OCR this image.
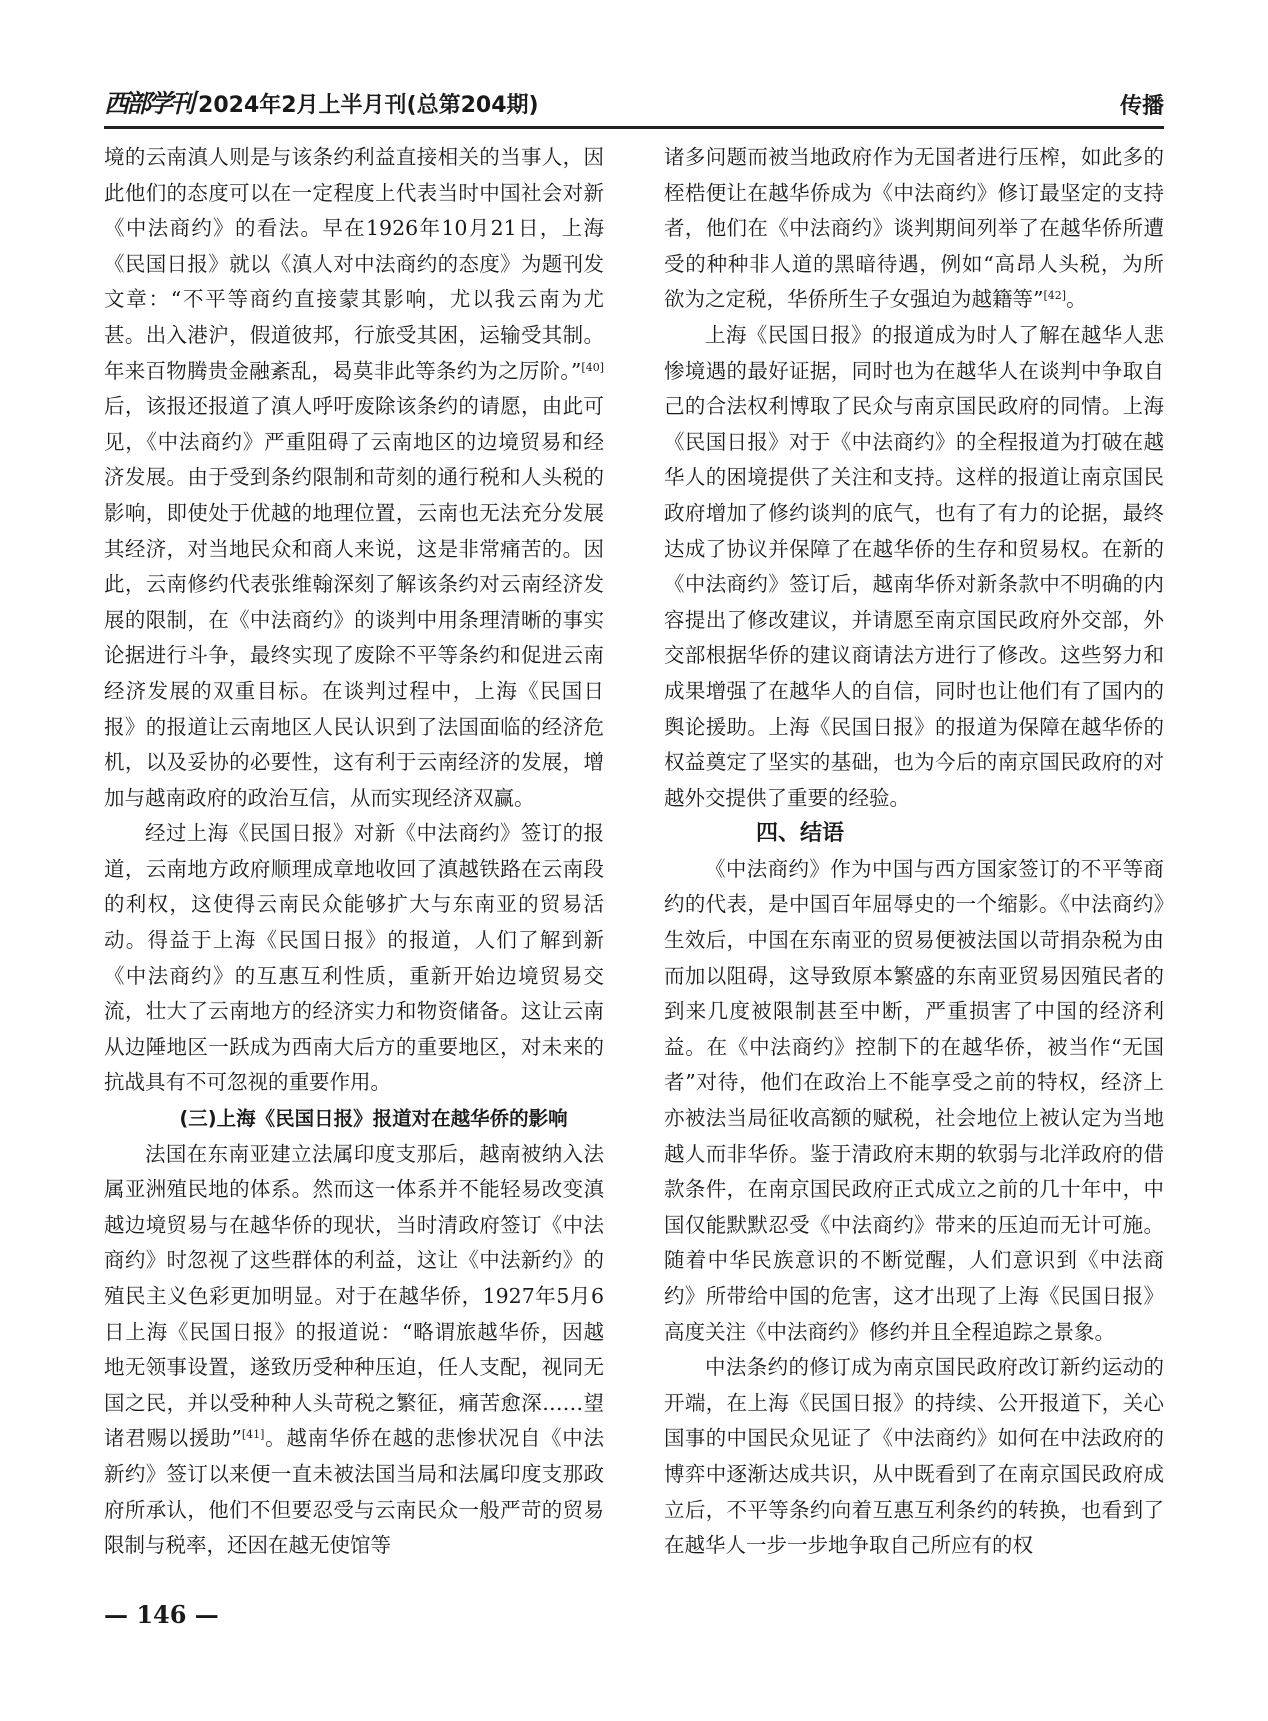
西部学刊 2024年2月上半月刊(总第204期)	传播

境的云南滇人则是与该条约利益直接相关的当事人，因此他们的态度可以在一定程度上代表当时中国社会对新《中法商约》的看法。早在1926年10月21日，上海《民国日报》就以《滇人对中法商约的态度》为题刊发文章：“不平等商约直接蒙其影响，尤以我云南为尤甚。出入港沪，假道彼邦，行旅受其困，运输受其制。年来百物腾贵金融紊乱，曷莫非此等条约为之厉阶。”[40]后，该报还报道了滇人呼吁废除该条约的请愿，由此可见，《中法商约》严重阻碍了云南地区的边境贸易和经济发展。由于受到条约限制和苛刻的通行税和人头税的影响，即使处于优越的地理位置，云南也无法充分发展其经济，对当地民众和商人来说，这是非常痛苦的。因此，云南修约代表张维翰深刻了解该条约对云南经济发展的限制，在《中法商约》的谈判中用条理清晰的事实论据进行斗争，最终实现了废除不平等条约和促进云南经济发展的双重目标。在谈判过程中，上海《民国日报》的报道让云南地区人民认识到了法国面临的经济危机，以及妥协的必要性，这有利于云南经济的发展，增加与越南政府的政治互信，从而实现经济双赢。

经过上海《民国日报》对新《中法商约》签订的报道，云南地方政府顺理成章地收回了滇越铁路在云南段的利权，这使得云南民众能够扩大与东南亚的贸易活动。得益于上海《民国日报》的报道，人们了解到新《中法商约》的互惠互利性质，重新开始边境贸易交流，壮大了云南地方的经济实力和物资储备。这让云南从边陲地区一跃成为西南大后方的重要地区，对未来的抗战具有不可忽视的重要作用。

(三)上海《民国日报》报道对在越华侨的影响

法国在东南亚建立法属印度支那后，越南被纳入法属亚洲殖民地的体系。然而这一体系并不能轻易改变滇越边境贸易与在越华侨的现状，当时清政府签订《中法商约》时忽视了这些群体的利益，这让《中法新约》的殖民主义色彩更加明显。对于在越华侨，1927年5月6日上海《民国日报》的报道说：“略谓旅越华侨，因越地无领事设置，遂致历受种种压迫，任人支配，视同无国之民，并以受种种人头苛税之繁征，痛苦愈深……望诸君赐以援助”[41]。越南华侨在越的悲惨状况自《中法新约》签订以来便一直未被法国当局和法属印度支那政府所承认，他们不但要忍受与云南民众一般严苛的贸易限制与税率，还因在越无使馆等

诸多问题而被当地政府作为无国者进行压榨，如此多的桎梏便让在越华侨成为《中法商约》修订最坚定的支持者，他们在《中法商约》谈判期间列举了在越华侨所遭受的种种非人道的黑暗待遇，例如“高昂人头税，为所欲为之定税，华侨所生子女强迫为越籍等”[42]。

上海《民国日报》的报道成为时人了解在越华人悲惨境遇的最好证据，同时也为在越华人在谈判中争取自己的合法权利博取了民众与南京国民政府的同情。上海《民国日报》对于《中法商约》的全程报道为打破在越华人的困境提供了关注和支持。这样的报道让南京国民政府增加了修约谈判的底气，也有了有力的论据，最终达成了协议并保障了在越华侨的生存和贸易权。在新的《中法商约》签订后，越南华侨对新条款中不明确的内容提出了修改建议，并请愿至南京国民政府外交部，外交部根据华侨的建议商请法方进行了修改。这些努力和成果增强了在越华人的自信，同时也让他们有了国内的舆论援助。上海《民国日报》的报道为保障在越华侨的权益奠定了坚实的基础，也为今后的南京国民政府的对越外交提供了重要的经验。

四、结语

《中法商约》作为中国与西方国家签订的不平等商约的代表，是中国百年屈辱史的一个缩影。《中法商约》生效后，中国在东南亚的贸易便被法国以苛捐杂税为由而加以阻碍，这导致原本繁盛的东南亚贸易因殖民者的到来几度被限制甚至中断，严重损害了中国的经济利益。在《中法商约》控制下的在越华侨，被当作“无国者”对待，他们在政治上不能享受之前的特权，经济上亦被法当局征收高额的赋税，社会地位上被认定为当地越人而非华侨。鉴于清政府末期的软弱与北洋政府的借款条件，在南京国民政府正式成立之前的几十年中，中国仅能默默忍受《中法商约》带来的压迫而无计可施。随着中华民族意识的不断觉醒，人们意识到《中法商约》所带给中国的危害，这才出现了上海《民国日报》高度关注《中法商约》修约并且全程追踪之景象。

中法条约的修订成为南京国民政府改订新约运动的开端，在上海《民国日报》的持续、公开报道下，关心国事的中国民众见证了《中法商约》如何在中法政府的博弈中逐渐达成共识，从中既看到了在南京国民政府成立后，不平等条约向着互惠互利条约的转换，也看到了在越华人一步一步地争取自己所应有的权

— 146 —
